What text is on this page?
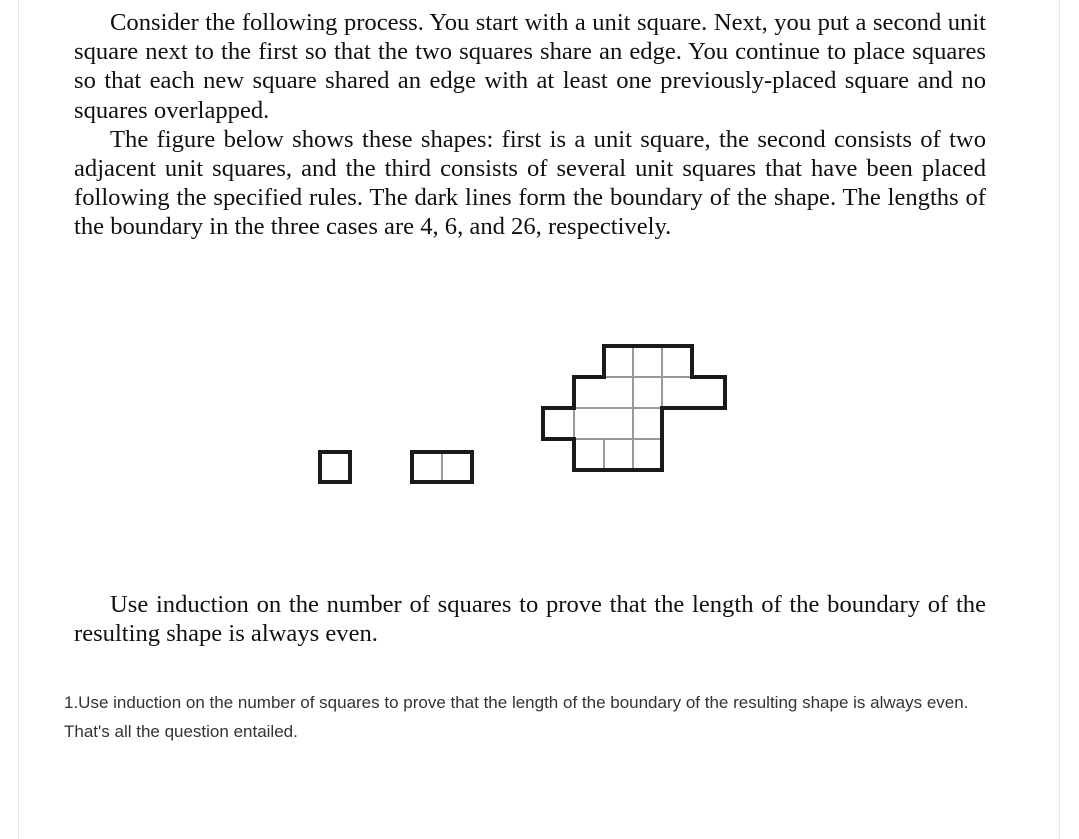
Consider the following process. You start with a unit square. Next, you put a second unit square next to the first so that the two squares share an edge. You continue to place squares so that each new square shared an edge with at least one previously-placed square and no squares overlapped.

The figure below shows these shapes: first is a unit square, the second consists of two adjacent unit squares, and the third consists of several unit squares that have been placed following the specified rules. The dark lines form the boundary of the shape. The lengths of the boundary in the three cases are 4, 6, and 26, respectively.

Use induction on the number of squares to prove that the length of the boundary of the resulting shape is always even.

1.Use induction on the number of squares to prove that the length of the boundary of the resulting shape is always even.
That's all the question entailed.
